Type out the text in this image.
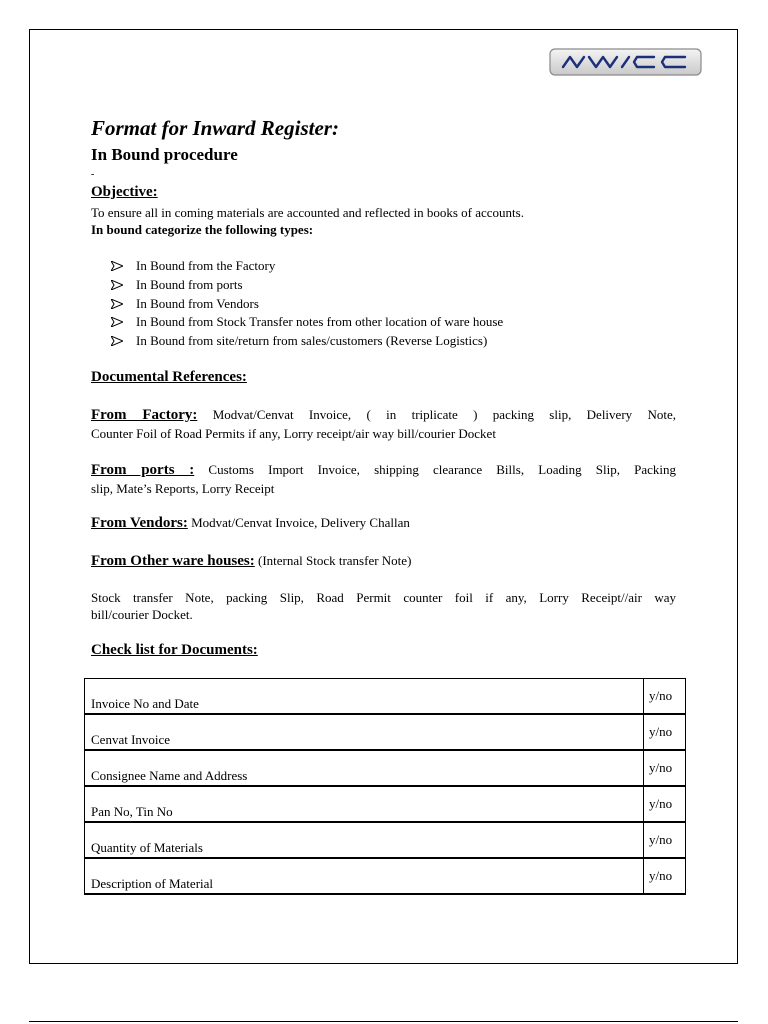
Format for Inward Register:
In Bound procedure
-
Objective:

To ensure all in coming materials are accounted and reflected in books of accounts.

In bound categorize the following types:

In Bound from the Factory
In Bound from ports
In Bound from Vendors
In Bound from Stock Transfer notes from other location of ware house
In Bound from site/return from sales/customers (Reverse Logistics)
Documental References:

From Factory: Modvat/Cenvat Invoice, ( in triplicate ) packing slip, Delivery Note,

Counter Foil of Road Permits if any, Lorry receipt/air way bill/courier Docket

From ports : Customs Import Invoice, shipping clearance Bills, Loading Slip, Packing

slip, Mate’s Reports, Lorry Receipt

From Vendors: Modvat/Cenvat Invoice, Delivery Challan

From Other ware houses: (Internal Stock transfer Note)

Stock transfer Note, packing Slip, Road Permit counter foil if any, Lorry Receipt//air way

bill/courier Docket.

Check list for Documents:
Invoice No and Date	y/no
Cenvat Invoice	y/no
Consignee Name and Address	y/no
Pan No, Tin No	y/no
Quantity of Materials	y/no
Description of Material	y/no
